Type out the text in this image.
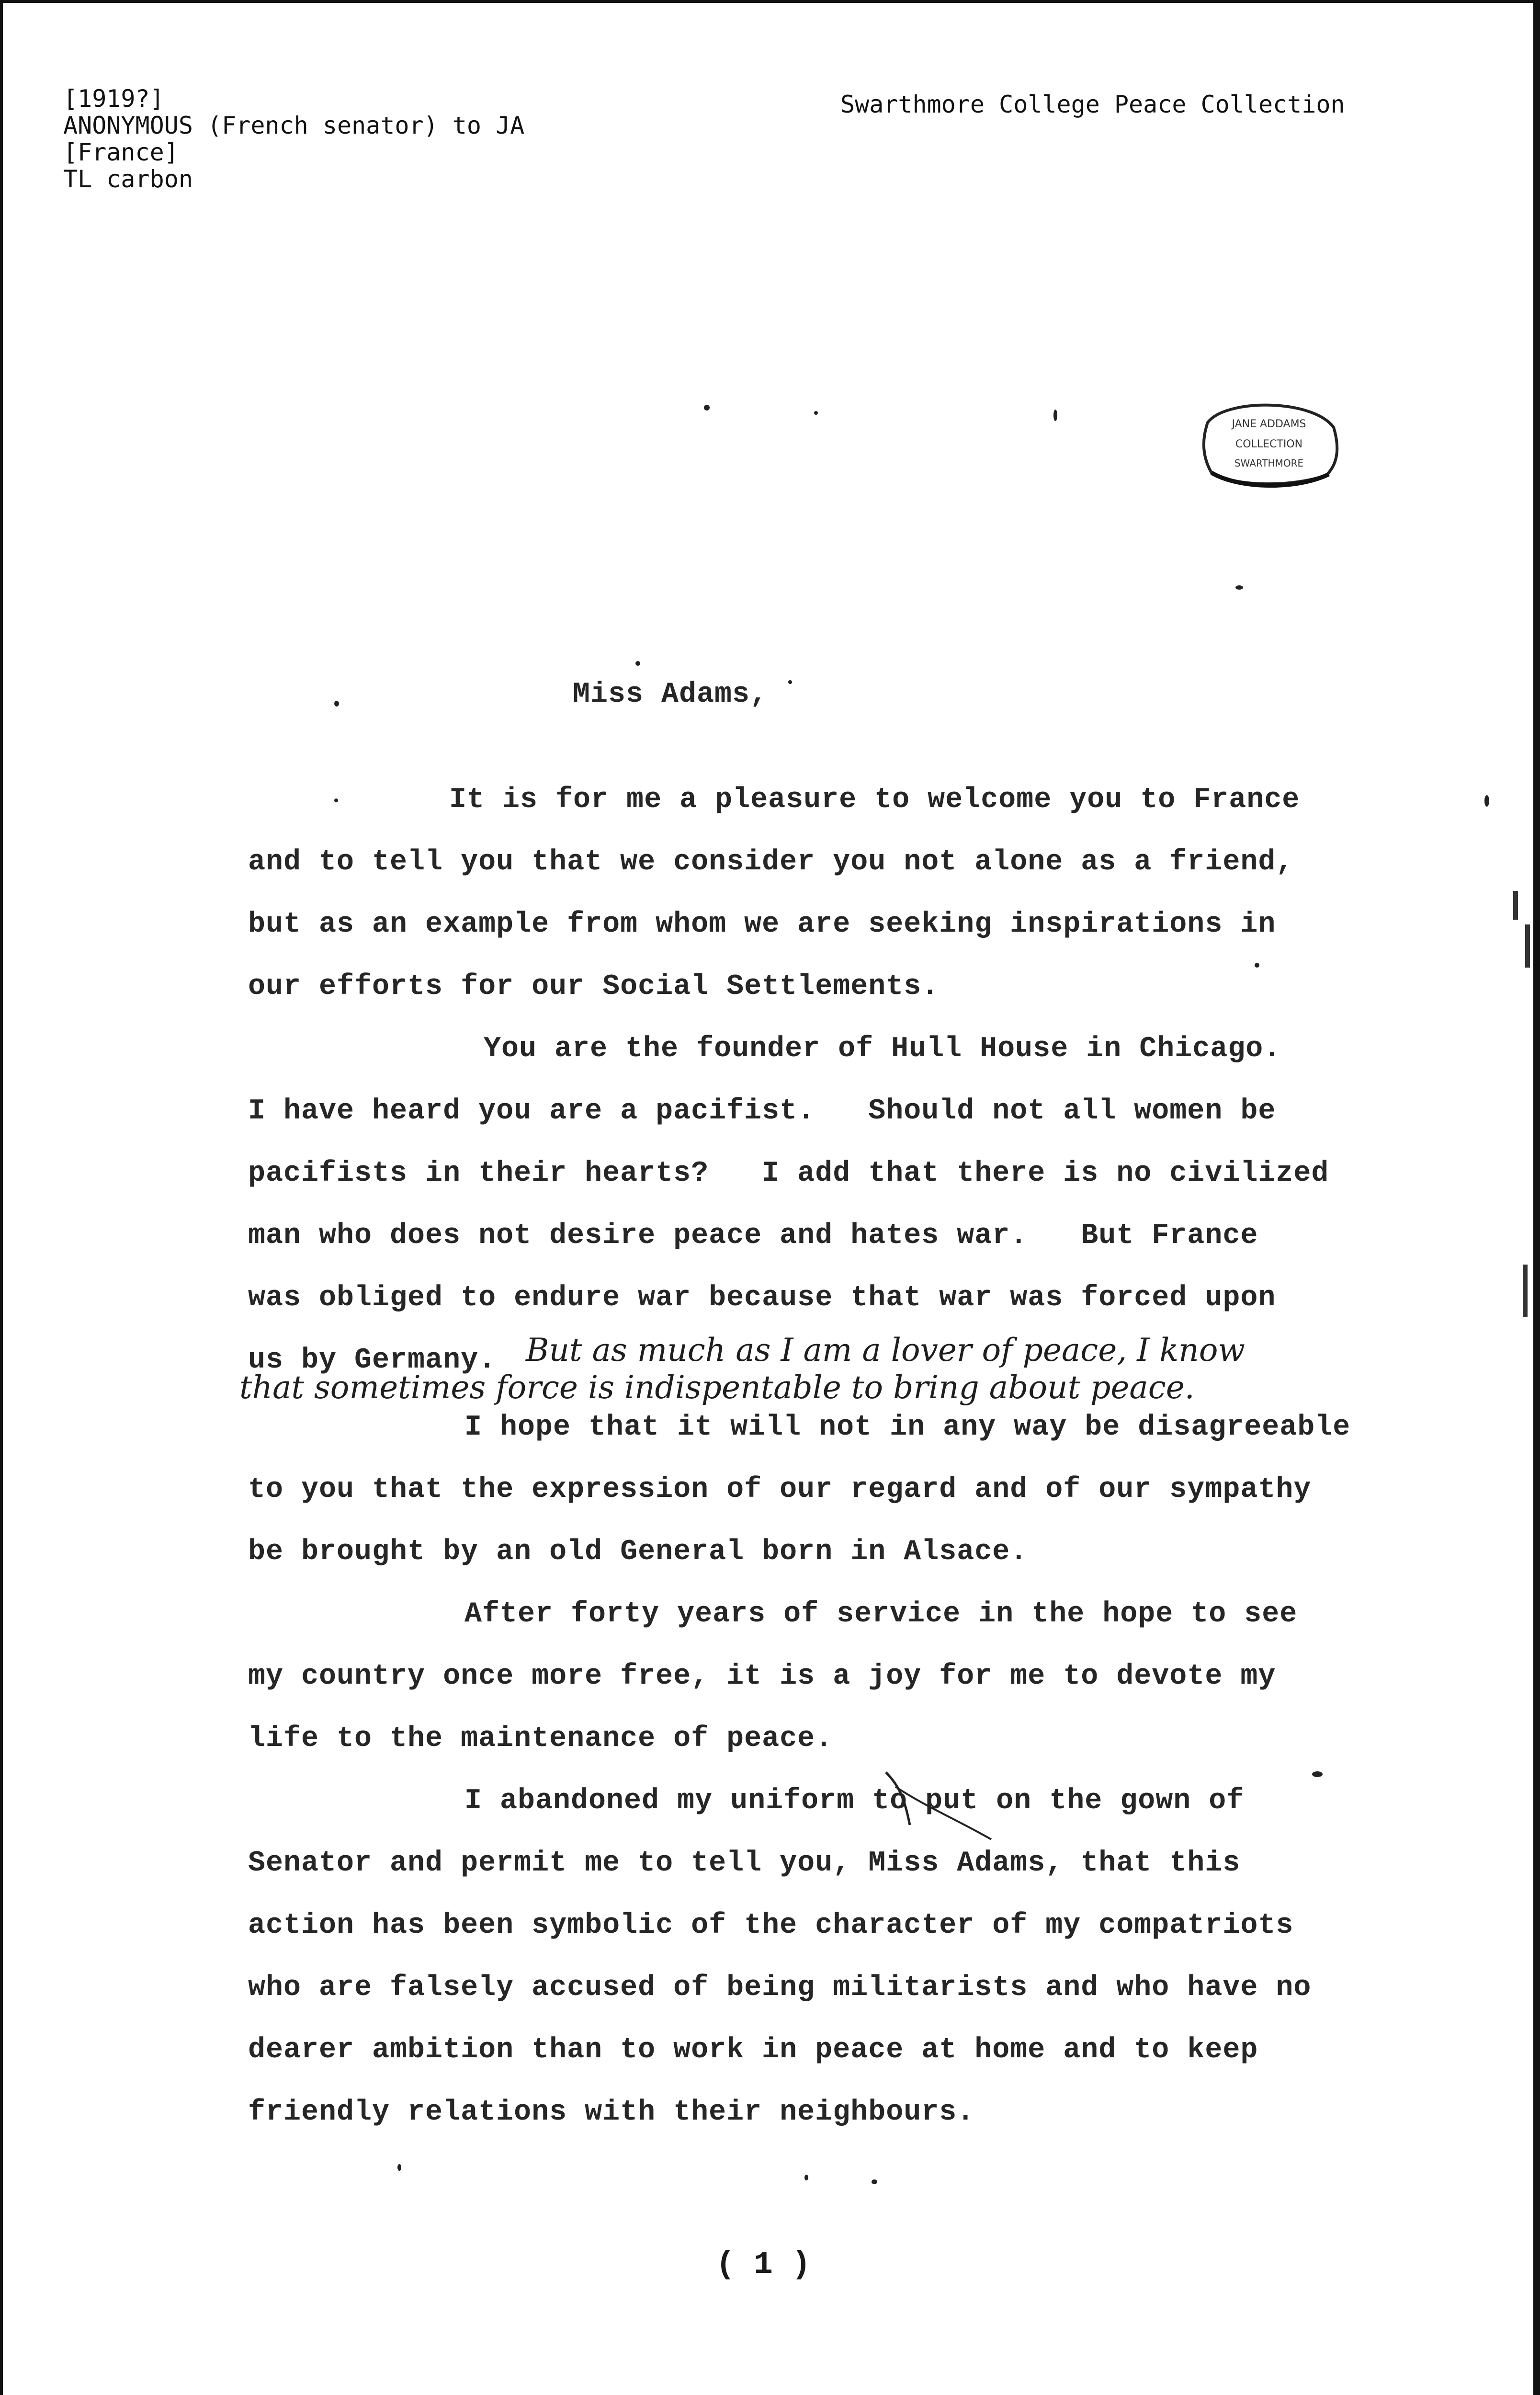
[1919?]
ANONYMOUS (French senator) to JA
[France]
TL carbon
Swarthmore College Peace Collection
JANE ADDAMS
COLLECTION
SWARTHMORE
Miss Adams,
It is for me a pleasure to welcome you to France
and to tell you that we consider you not alone as a friend,
but as an example from whom we are seeking inspirations in
our efforts for our Social Settlements.
You are the founder of Hull House in Chicago.
I have heard you are a pacifist.   Should not all women be
pacifists in their hearts?   I add that there is no civilized
man who does not desire peace and hates war.   But France
was obliged to endure war because that war was forced upon
us by Germany. But as much as I am a lover of peace, I know
that sometimes force is indispentable to bring about peace.
I hope that it will not in any way be disagreeable
to you that the expression of our regard and of our sympathy
be brought by an old General born in Alsace.
After forty years of service in the hope to see
my country once more free, it is a joy for me to devote my
life to the maintenance of peace.
I abandoned my uniform to put on the gown of
Senator and permit me to tell you, Miss Adams, that this
action has been symbolic of the character of my compatriots
who are falsely accused of being militarists and who have no
dearer ambition than to work in peace at home and to keep
friendly relations with their neighbours.
( 1 )
